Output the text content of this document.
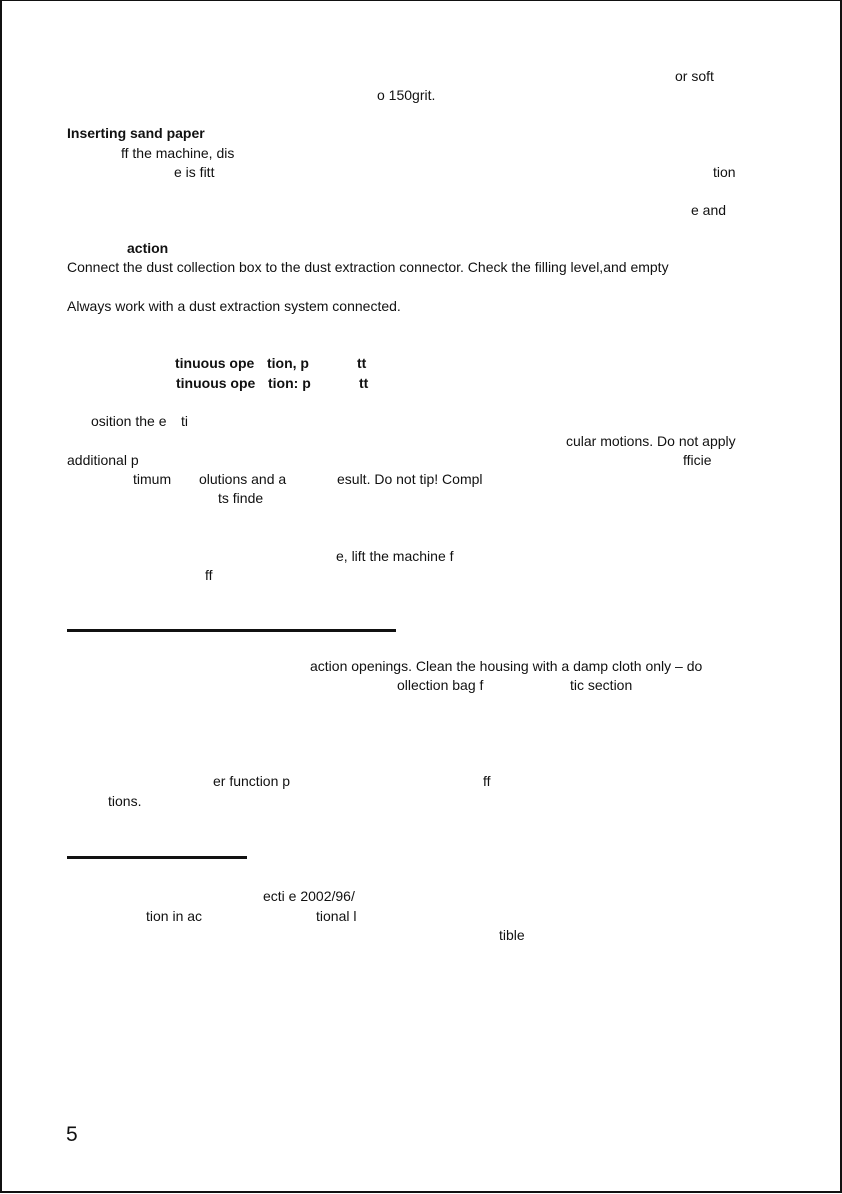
or soft
o 150grit.
Inserting sand paper
ff the machine, dis
e is fitt	tion
e and
action
Connect the dust collection box to the dust extraction connector. Check the filling level,and empty
Always work with a dust extraction system connected.
tinuous ope tion, p	tt
tinuous ope tion: p	tt
osition the e ti
cular motions. Do not apply
additional p	fficie
timum olutions and a	esult. Do not tip! Compl
ts finde
e, lift the machine f
ff
action openings. Clean the housing with a damp cloth only – do
ollection bag f	tic section
er function p	ff
tions.
ecti e 2002/96/
tion in ac	tional l
tible
5
